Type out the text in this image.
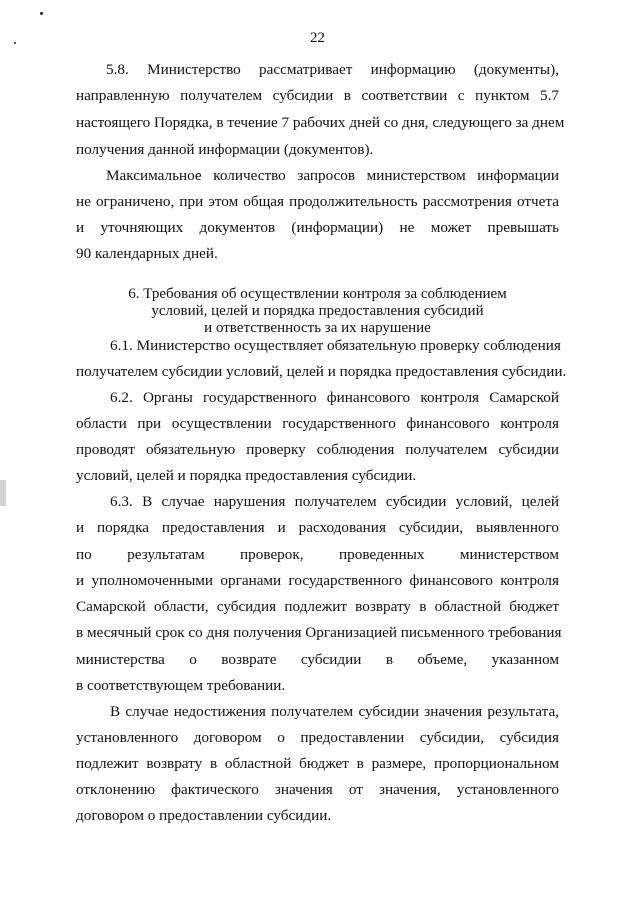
22
5.8. Министерство рассматривает информацию (документы),
направленную получателем субсидии в соответствии с пунктом 5.7
настоящего Порядка, в течение 7 рабочих дней со дня, следующего за днем
получения данной информации (документов).
Максимальное количество запросов министерством информации
не ограничено, при этом общая продолжительность рассмотрения отчета
и уточняющих документов (информации) не может превышать
90 календарных дней.
6. Требования об осуществлении контроля за соблюдением
условий, целей и порядка предоставления субсидий
и ответственность за их нарушение
6.1. Министерство осуществляет обязательную проверку соблюдения
получателем субсидии условий, целей и порядка предоставления субсидии.
6.2. Органы государственного финансового контроля Самарской
области при осуществлении государственного финансового контроля
проводят обязательную проверку соблюдения получателем субсидии
условий, целей и порядка предоставления субсидии.
6.3. В случае нарушения получателем субсидии условий, целей
и порядка предоставления и расходования субсидии, выявленного
по результатам проверок, проведенных министерством
и уполномоченными органами государственного финансового контроля
Самарской области, субсидия подлежит возврату в областной бюджет
в месячный срок со дня получения Организацией письменного требования
министерства о возврате субсидии в объеме, указанном
в соответствующем требовании.
В случае недостижения получателем субсидии значения результата,
установленного договором о предоставлении субсидии, субсидия
подлежит возврату в областной бюджет в размере, пропорциональном
отклонению фактического значения от значения, установленного
договором о предоставлении субсидии.
